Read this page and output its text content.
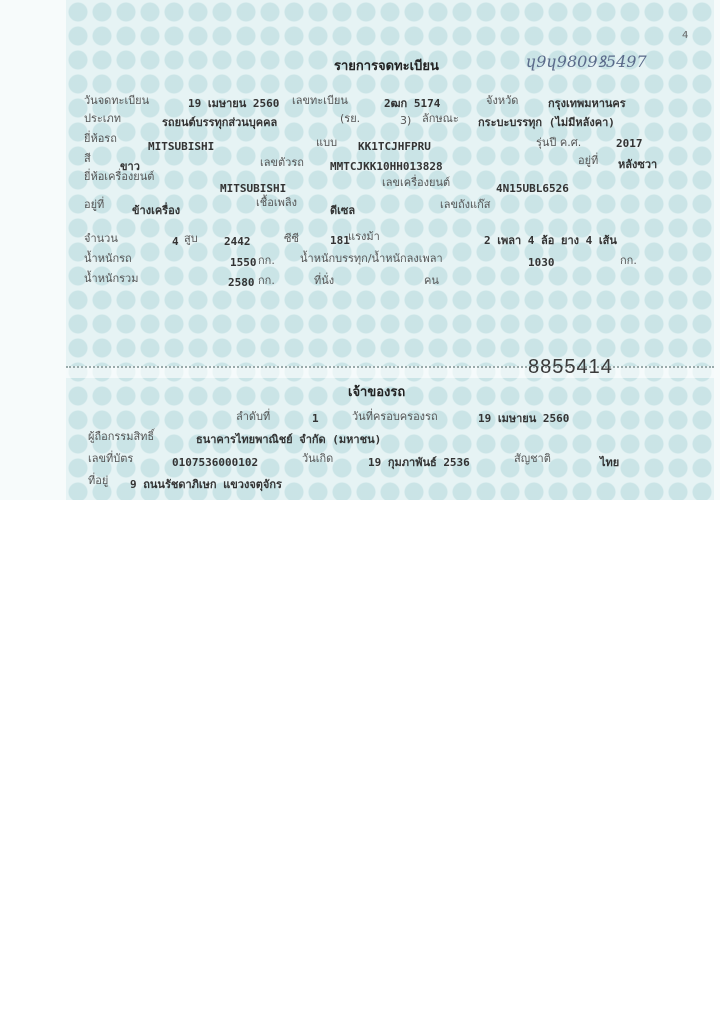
4
ɥ9ɥ9809ꝸ5497
รายการจดทะเบียน
วันจดทะเบียน	19 เมษายน 2560 เลขทะเบียน	2ฒก 5174	จังหวัด	กรุงเทพมหานคร
ประเภท	รถยนต์บรรทุกส่วนบุคคล	(รย.	3) ลักษณะ กระบะบรรทุก (ไม่มีหลังคา)
ยี่ห้อรถ
MITSUBISHI	แบบ KK1TCJHFPRU	รุ่นปี ค.ศ.	2017
สี
ขาว	เลขตัวรถ MMTCJKK10HH013828	อยู่ที่ หลังซวา
ยี่ห้อเครื่องยนต์
MITSUBISHI	เลขเครื่องยนต์	4N15UBL6526
อยู่ที่	ข้างเครื่อง
เชื้อเพลิง
ดีเซล	เลขถังแก๊ส
จำนวน	4 สูบ 2442	ซีซี	181
แรงม้า	2 เพลา 4 ล้อ ยาง 4 เส้น
น้ำหนักรถ	1550 กก. น้ำหนักบรรทุก/น้ำหนักลงเพลา	1030	กก.
น้ำหนักรวม	2580 กก.	ที่นั่ง	คน
8855414
เจ้าของรถ
ลำดับที่	1	วันที่ครอบครองรถ	19 เมษายน 2560
ผู้ถือกรรมสิทธิ์	ธนาคารไทยพาณิชย์ จำกัด (มหาชน)
เลขที่บัตร	0107536000102	วันเกิด	19 กุมภาพันธ์ 2536	สัญชาติ	ไทย
ที่อยู่ 9 ถนนรัชดาภิเษก แขวงจตุจักร
